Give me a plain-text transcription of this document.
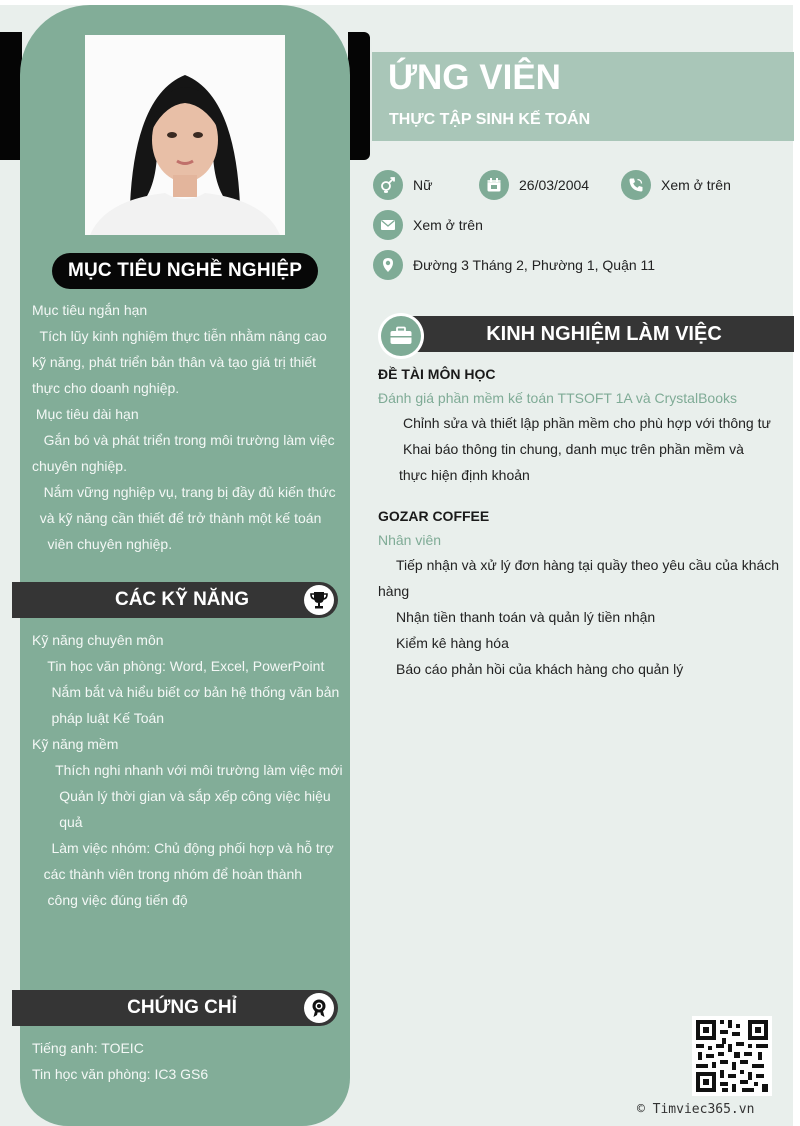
MỤC TIÊU NGHỀ NGHIỆP
Mục tiêu ngắn hạn
Tích lũy kinh nghiệm thực tiễn nhằm nâng cao
kỹ năng, phát triển bản thân và tạo giá trị thiết
thực cho doanh nghiệp.
Mục tiêu dài hạn
Gắn bó và phát triển trong môi trường làm việc
chuyên nghiệp.
Nắm vững nghiệp vụ, trang bị đầy đủ kiến thức
và kỹ năng cần thiết để trở thành một kế toán
viên chuyên nghiệp.
CÁC KỸ NĂNG
Kỹ năng chuyên môn
Tin học văn phòng: Word, Excel, PowerPoint
Nắm bắt và hiểu biết cơ bản hệ thống văn bản
pháp luật Kế Toán
Kỹ năng mềm
Thích nghi nhanh với môi trường làm việc mới
Quản lý thời gian và sắp xếp công việc hiệu
quả
Làm việc nhóm: Chủ động phối hợp và hỗ trợ
các thành viên trong nhóm để hoàn thành
công việc đúng tiến độ
CHỨNG CHỈ
Tiếng anh: TOEIC
Tin học văn phòng: IC3 GS6
ỨNG VIÊN
THỰC TẬP SINH KẾ TOÁN
Nữ	26/03/2004	Xem ở trên
Xem ở trên
Đường 3 Tháng 2, Phường 1, Quận 11
KINH NGHIỆM LÀM VIỆC
ĐỀ TÀI MÔN HỌC
Đánh giá phần mềm kế toán TTSOFT 1A và CrystalBooks
Chỉnh sửa và thiết lập phần mềm cho phù hợp với thông tư
Khai báo thông tin chung, danh mục trên phần mềm và
thực hiện định khoản
GOZAR COFFEE
Nhân viên
Tiếp nhận và xử lý đơn hàng tại quầy theo yêu cầu của khách
hàng
Nhận tiền thanh toán và quản lý tiền nhận
Kiểm kê hàng hóa
Báo cáo phản hồi của khách hàng cho quản lý
© Timviec365.vn
